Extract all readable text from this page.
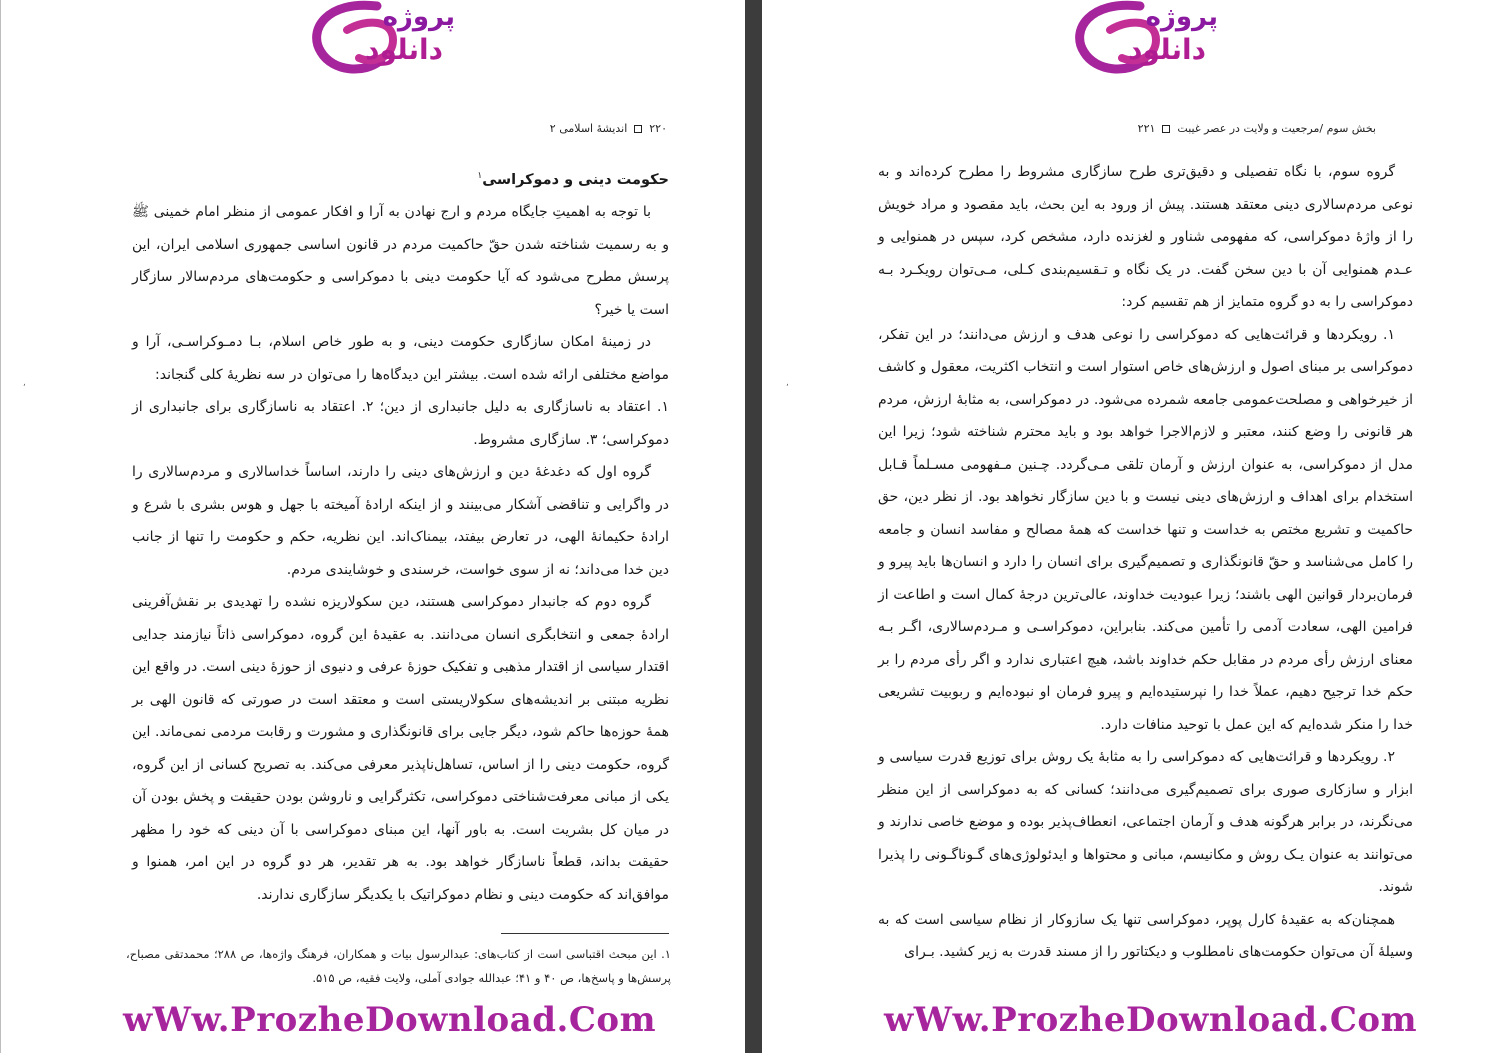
پروژه
دانلود
۲۲۰اندیشهٔ اسلامی ۲
,

حکومت دینی و دموکراسی$^۱$

با توجه به اهمیتِ جایگاه مردم و ارج نهادن به آرا و افکار عمومی از منظر امام خمینی ﷺ و به رسمیت شناخته شدن حقّ حاکمیت مردم در قانون اساسی جمهوری اسلامی ایران، این پرسش مطرح می‌شود که آیا حکومت دینی با دموکراسی و حکومت‌های مردم‌سالار سازگار است یا خیر؟

در زمینهٔ امکان سازگاری حکومت دینی، و به طور خاص اسلام، بـا دمـوکراسـی، آرا و مواضع مختلفی ارائه شده است. بیشتر این دیدگاه‌ها را می‌توان در سه نظریهٔ کلی گنجاند:

۱. اعتقاد به ناسازگاری به دلیل جانبداری از دین؛ ۲. اعتقاد به ناسازگاری برای جانبداری از دموکراسی؛ ۳. سازگاری مشروط.

گروه اول که دغدغهٔ دین و ارزش‌های دینی را دارند، اساساً خداسالاری و مردم‌سالاری را در واگرایی و تناقضی آشکار می‌بینند و از اینکه ارادهٔ آمیخته با جهل و هوس بشری با شرع و ارادهٔ حکیمانهٔ الهی، در تعارض بیفتد، بیمناک‌اند. این نظریه، حکم و حکومت را تنها از جانب دین خدا می‌داند؛ نه از سوی خواست، خرسندی و خوشایندی مردم.

گروه دوم که جانبدار دموکراسی هستند، دین سکولاریزه نشده را تهدیدی بر نقش‌آفرینی ارادهٔ جمعی و انتخابگری انسان می‌دانند. به عقیدهٔ این گروه، دموکراسی ذاتاً نیازمند جدایی اقتدار سیاسی از اقتدار مذهبی و تفکیک حوزهٔ عرفی و دنیوی از حوزهٔ دینی است. در واقع این نظریه مبتنی بر اندیشه‌های سکولاریستی است و معتقد است در صورتی که قانون الهی بر همهٔ حوزه‌ها حاکم شود، دیگر جایی برای قانونگذاری و مشورت و رقابت مردمی نمی‌ماند. این گروه، حکومت دینی را از اساس، تساهل‌ناپذیر معرفی می‌کند. به تصریح کسانی از این گروه، یکی از مبانی معرفت‌شناختی دموکراسی، تکثرگرایی و ناروشن بودن حقیقت و پخش بودن آن در میان کل بشریت است. به باور آنها، این مبنای دموکراسی با آن دینی که خود را مظهر حقیقت بداند، قطعاً ناسازگار خواهد بود. به هر تقدیر، هر دو گروه در این امر، همنوا و موافق‌اند که حکومت دینی و نظام دموکراتیک با یکدیگر سازگاری ندارند.

۱. این مبحث اقتباسی است از کتاب‌های: عبدالرسول بیات و همکاران، فرهنگ واژه‌ها، ص ۲۸۸؛ محمدتقی مصباح، پرسش‌ها و پاسخ‌ها، ص ۴۰ و ۴۱؛ عبدالله جوادی آملی، ولایت فقیه، ص ۵۱۵.
wWw.ProzheDownload.Com
پروژه
دانلود
بخش سوم /مرجعیت و ولایت در عصر غیبت۲۲۱
,

گروه سوم، با نگاه تفصیلی و دقیق‌تری طرح سازگاری مشروط را مطرح کرده‌اند و به نوعی مردم‌سالاری دینی معتقد هستند. پیش از ورود به این بحث، باید مقصود و مراد خویش را از واژهٔ دموکراسی، که مفهومی شناور و لغزنده دارد، مشخص کرد، سپس در همنوایی و عـدم همنوایی آن با دین سخن گفت. در یک نگاه و تـقسیم‌بندی کـلی، مـی‌توان رویکـرد بـه دموکراسی را به دو گروه متمایز از هم تقسیم کرد:

۱. رویکردها و قرائت‌هایی که دموکراسی را نوعی هدف و ارزش می‌دانند؛ در این تفکر، دموکراسی بر مبنای اصول و ارزش‌های خاص استوار است و انتخاب اکثریت، معقول و کاشف از خیرخواهی و مصلحت‌عمومی جامعه شمرده می‌شود. در دموکراسی، به مثابهٔ ارزش، مردم هر قانونی را وضع کنند، معتبر و لازم‌الاجرا خواهد بود و باید محترم شناخته شود؛ زیرا این مدل از دموکراسی، به عنوان ارزش و آرمان تلقی مـی‌گردد. چـنین مـفهومی مسـلماً قـابل استخدام برای اهداف و ارزش‌های دینی نیست و با دین سازگار نخواهد بود. از نظر دین، حق حاکمیت و تشریع مختص به خداست و تنها خداست که همهٔ مصالح و مفاسد انسان و جامعه را کامل می‌شناسد و حقّ قانونگذاری و تصمیم‌گیری برای انسان را دارد و انسان‌ها باید پیرو و فرمان‌بردار قوانین الهی باشند؛ زیرا عبودیت خداوند، عالی‌ترین درجهٔ کمال است و اطاعت از فرامین الهی، سعادت آدمی را تأمین می‌کند. بنابراین، دموکراسـی و مـردم‌سالاری، اگـر بـه معنای ارزش رأی مردم در مقابل حکم خداوند باشد، هیچ اعتباری ندارد و اگر رأی مردم را بر حکم خدا ترجیح دهیم، عملاً خدا را نپرستیده‌ایم و پیرو فرمان او نبوده‌ایم و ربوبیت تشریعی خدا را منکر شده‌ایم که این عمل با توحید منافات دارد.

۲. رویکردها و قرائت‌هایی که دموکراسی را به مثابهٔ یک روش برای توزیع قدرت سیاسی و ابزار و سازکاری صوری برای تصمیم‌گیری می‌دانند؛ کسانی که به دموکراسی از این منظر می‌نگرند، در برابر هرگونه هدف و آرمان اجتماعی، انعطاف‌پذیر بوده و موضع خاصی ندارند و می‌توانند به عنوان یـک روش و مکانیسم، مبانی و محتواها و ایدئولوژی‌های گـوناگـونی را پذیرا شوند.

همچنان‌که به عقیدهٔ کارل پوپر، دموکراسی تنها یک سازوکار از نظام سیاسی است که به وسیلهٔ آن می‌توان حکومت‌های نامطلوب و دیکتاتور را از مسند قدرت به زیر کشید. بـرای

wWw.ProzheDownload.Com
